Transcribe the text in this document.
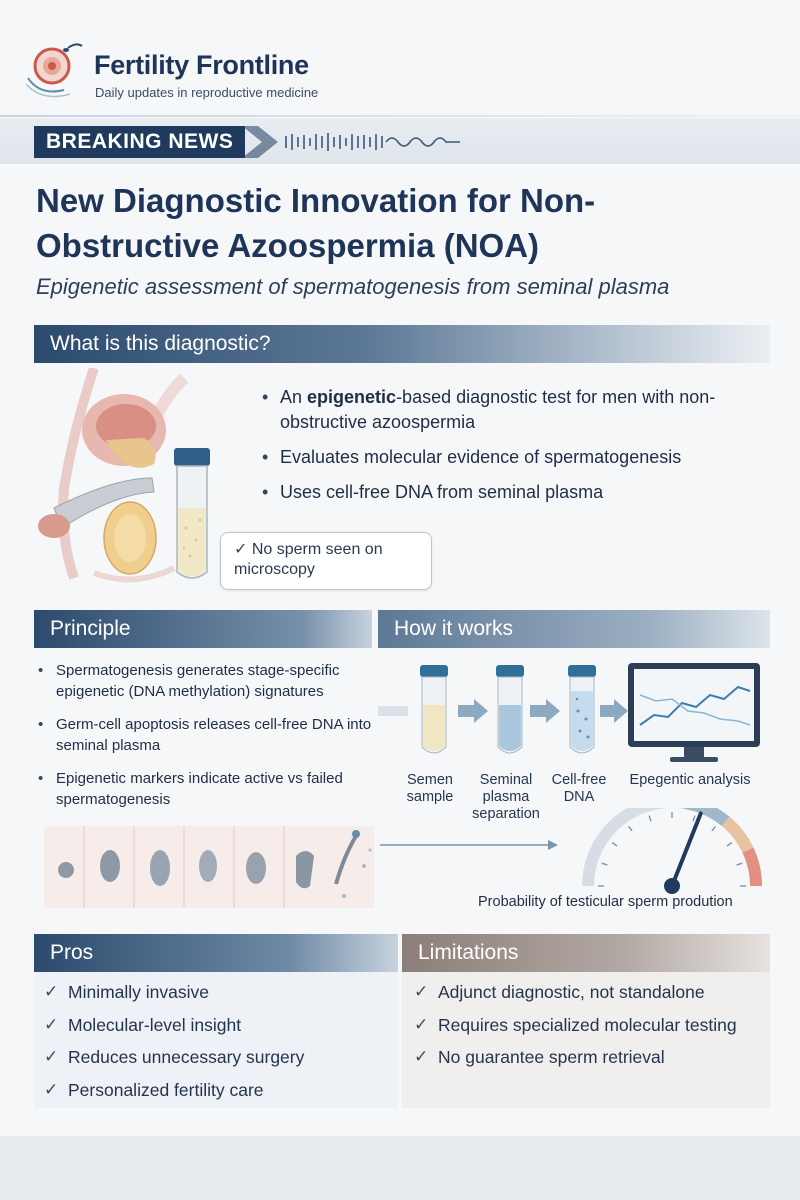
Fertility Frontline
Daily updates in reproductive medicine
BREAKING NEWS
New Diagnostic Innovation for Non-Obstructive Azoospermia (NOA)
Epigenetic assessment of spermatogenesis from seminal plasma
What is this diagnostic?
• An epigenetic-based diagnostic test for men with non-obstructive azoospermia
• Evaluates molecular evidence of spermatogenesis
• Uses cell-free DNA from seminal plasma
✓ No sperm seen on microscopy
Principle	How it works
• Spermatogenesis generates stage-specific epigenetic (DNA methylation) signatures
• Germ-cell apoptosis releases cell-free DNA into seminal plasma
• Epigenetic markers indicate active vs failed spermatogenesis
Semen sample
Seminal plasma separation
Cell-free DNA
Epegentic analysis
Probability of testicular sperm prodution
Pros	Limitations
✓ Minimally invasive
✓ Molecular-level insight
✓ Reduces unnecessary surgery
✓ Personalized fertility care
✓ Adjunct diagnostic, not standalone
✓ Requires specialized molecular testing
✓ No guarantee sperm retrieval
